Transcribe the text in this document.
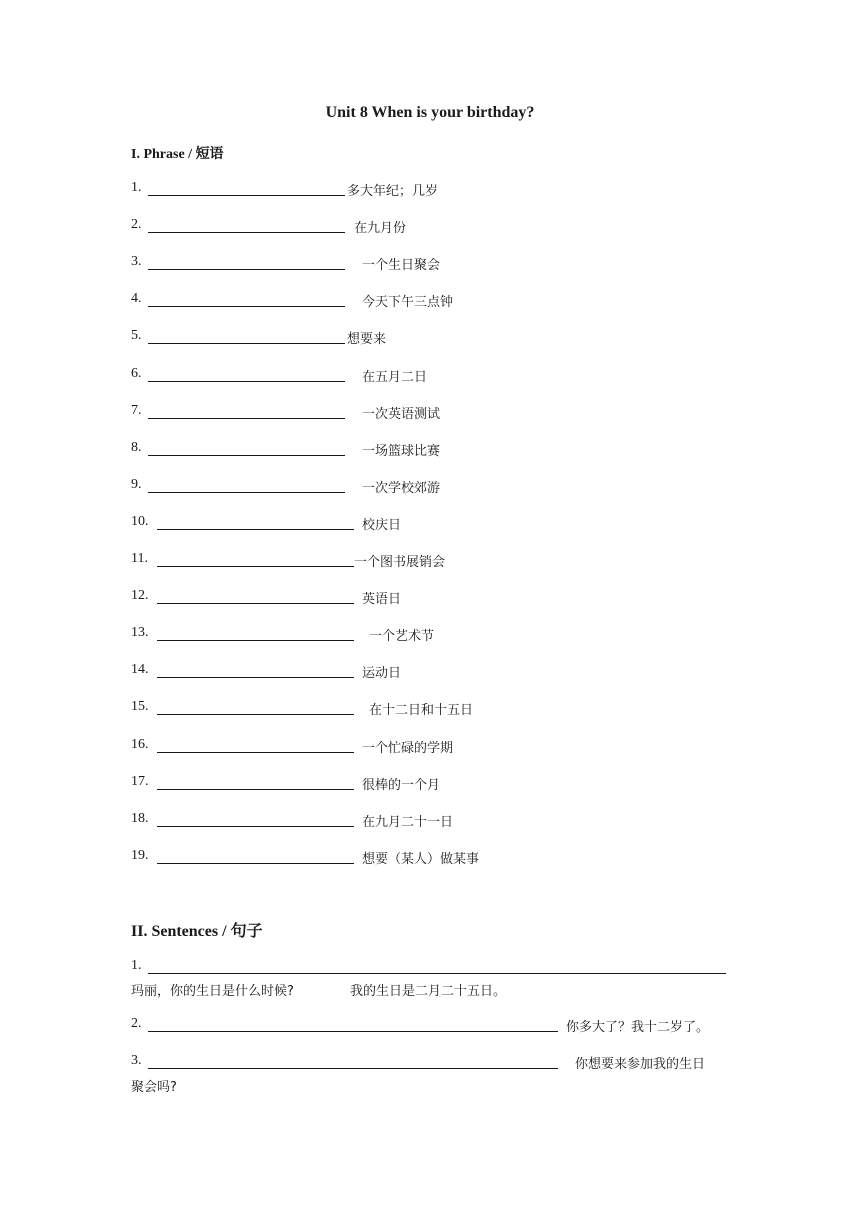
Unit 8 When is your birthday?
I. Phrase / 短语
1.	多大年纪；几岁
2.	在九月份
3.	一个生日聚会
4.	今天下午三点钟
5.	想要来
6.	在五月二日
7.	一次英语测试
8.	一场篮球比赛
9.	一次学校郊游
10.	校庆日
11.	一个图书展销会
12.	英语日
13.	一个艺术节
14.	运动日
15.	在十二日和十五日
16.	一个忙碌的学期
17.	很棒的一个月
18.	在九月二十一日
19.	想要（某人）做某事
II. Sentences / 句子
1.
玛丽，你的生日是什么时候?	我的生日是二月二十五日。
2.	你多大了？我十二岁了。
3.	你想要来参加我的生日
聚会吗?
